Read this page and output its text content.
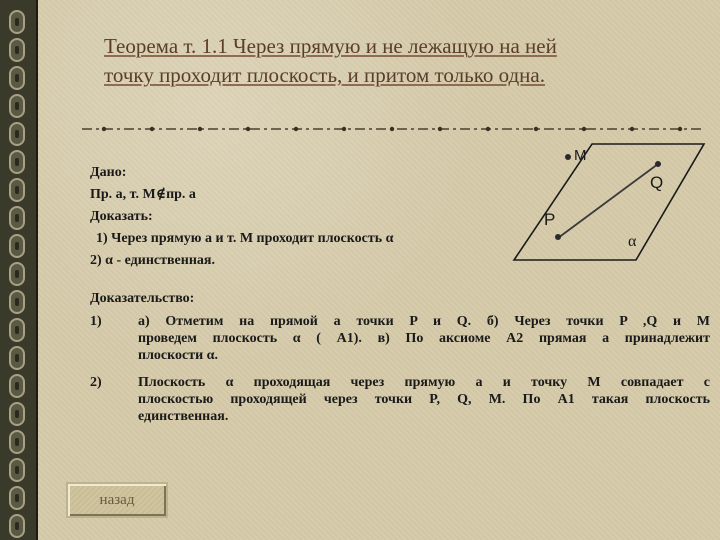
Теорема т. 1.1 Через прямую и не лежащую на ней
точку проходит плоскость, и притом только одна.
Дано:
Пр. а, т. М∉пр. а
Доказать:
1) Через прямую а и т. М проходит плоскость α
2) α - единственная.
M
P
Q
α
Доказательство:
1)	а) Отметим на прямой а точки P и Q. б) Через точки P ,Q и M
проведем плоскость α ( A1). в) По аксиоме A2 прямая а принадлежит
плоскости α.
2)	Плоскость α проходящая через прямую а и точку M совпадает с
плоскостью проходящей через точки P, Q, M. По A1 такая плоскость
единственная.
назад
